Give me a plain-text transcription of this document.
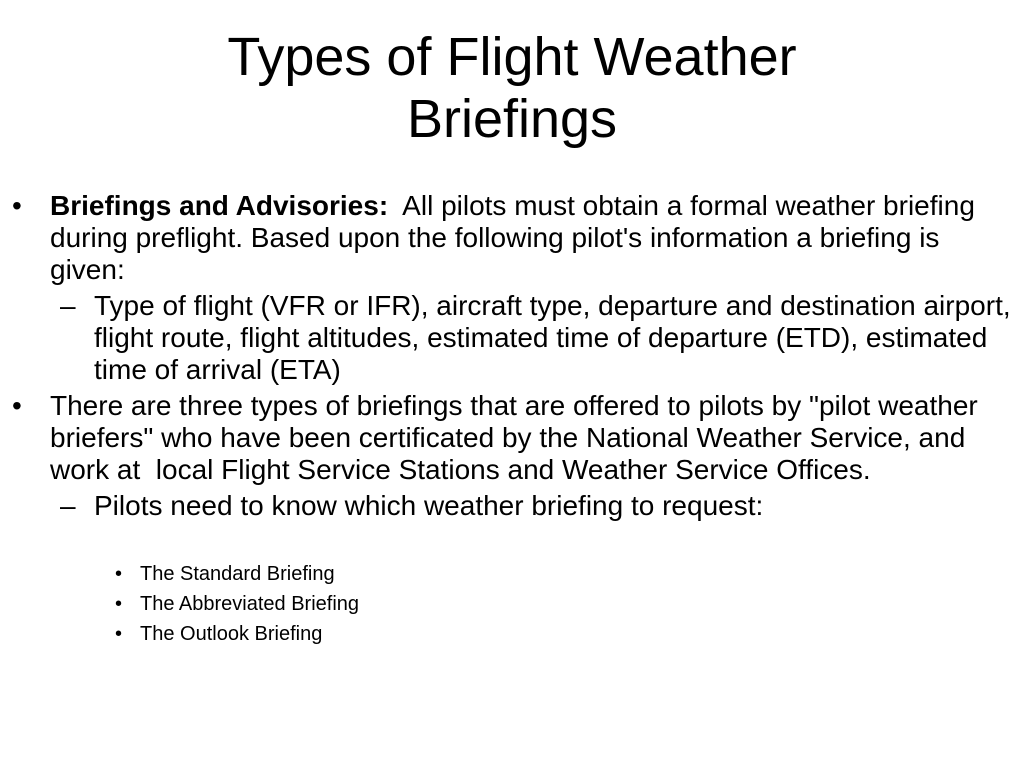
Types of Flight Weather
Briefings

• Briefings and Advisories:  All pilots must obtain a formal weather briefing during preflight. Based upon the following pilot's information a briefing is given:

– Type of flight (VFR or IFR), aircraft type, departure and destination airport, flight route, flight altitudes, estimated time of departure (ETD), estimated time of arrival (ETA)

• There are three types of briefings that are offered to pilots by "pilot weather briefers" who have been certificated by the National Weather Service, and work at  local Flight Service Stations and Weather Service Offices.

– Pilots need to know which weather briefing to request:

• The Standard Briefing

• The Abbreviated Briefing

• The Outlook Briefing
